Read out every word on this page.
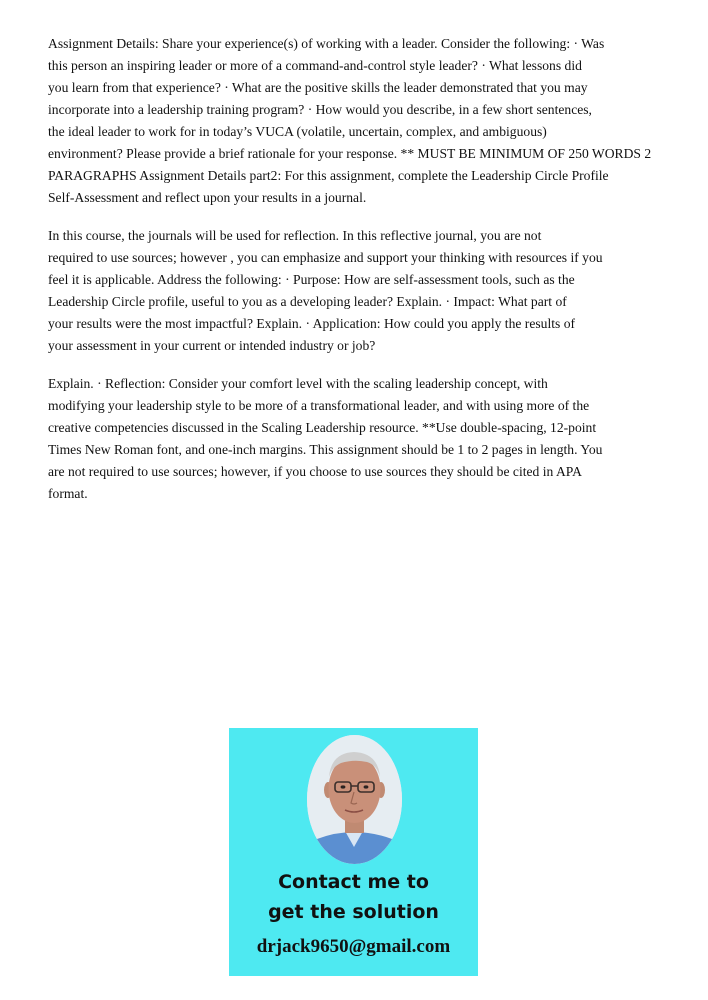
Assignment Details: Share your experience(s) of working with a leader. Consider the following: · Was
this person an inspiring leader or more of a command-and-control style leader? · What lessons did
you learn from that experience? · What are the positive skills the leader demonstrated that you may
incorporate into a leadership training program? · How would you describe, in a few short sentences,
the ideal leader to work for in today’s VUCA (volatile, uncertain, complex, and ambiguous)
environment? Please provide a brief rationale for your response. ** MUST BE MINIMUM OF 250 WORDS 2
PARAGRAPHS Assignment Details part2: For this assignment, complete the Leadership Circle Profile
Self-Assessment and reflect upon your results in a journal.
In this course, the journals will be used for reflection. In this reflective journal, you are not
required to use sources; however , you can emphasize and support your thinking with resources if you
feel it is applicable. Address the following: · Purpose: How are self-assessment tools, such as the
Leadership Circle profile, useful to you as a developing leader? Explain. · Impact: What part of
your results were the most impactful? Explain. · Application: How could you apply the results of
your assessment in your current or intended industry or job?
Explain. · Reflection: Consider your comfort level with the scaling leadership concept, with
modifying your leadership style to be more of a transformational leader, and with using more of the
creative competencies discussed in the Scaling Leadership resource. **Use double-spacing, 12-point
Times New Roman font, and one-inch margins. This assignment should be 1 to 2 pages in length. You
are not required to use sources; however, if you choose to use sources they should be cited in APA
format.
Contact me to
get the solution
drjack9650@gmail.com
